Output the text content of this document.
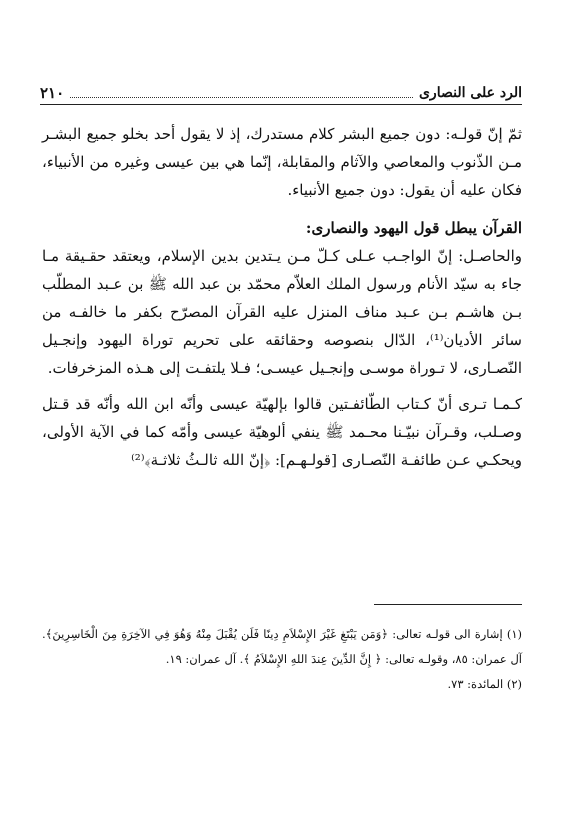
الرد على النصارى
٢١٠

ثمّ إنّ قولـه: دون جميع البشر كلام مستدرك، إذ لا يقول أحد بخلو جميع البشـر مـن الذّنوب والمعاصي والآثام والمقابلة، إنّما هي بين عيسى وغيره من الأنبياء، فكان عليه أن يقول: دون جميع الأنبياء.

القرآن يبطل قول اليهود والنصارى:

والحاصـل: إنّ الواجـب عـلى كـلّ مـن يـتدين بدين الإسلام، ويعتقد حقـيقة مـا جاء به سيّد الأنام ورسول الملك العلاّم محمّد بن عبد الله ﷺ بن عـبد المطلّب بـن هاشـم بـن عـبد مناف المنزل عليه القرآن المصرّح بكفر ما خالفـه من سائر الأديان⁽¹⁾، الدّال بنصوصه وحقائقه على تحريم توراة اليهود وإنجـيل النّصـارى، لا تـوراة موسـى وإنجـيل عيسـى؛ فـلا يلتفـت إلى هـذه المزخرفات.

كـمـا تـرى أنّ كـتاب الطّائفـتين قالوا بإلهيّة عيسى وأنّه ابن الله وأنّه قد قـتل وصـلب، وقـرآن نبيّـنا محـمد ﷺ ينفي ألوهيّة عيسى وأمّه كما في الآية الأولى، ويحكـي عـن طائفـة النّصـارى [قولـهـم]: ﴿إنّ الله ثالـثُ ثلاثـة﴾⁽²⁾

(١) إشارة الى قولـه تعالى: ﴿وَمَن يَبْتَغِ غَيْرَ الإِسْلاَمِ دِينًا فَلَن يُقْبَلَ مِنْهُ وَهُوَ فِي الآخِرَةِ مِنَ الْخَاسِرِينَ﴾. آل عمران: ٨٥، وقولـه تعالى: ﴿ إِنَّ الدِّينَ عِندَ اللهِ الإِسْلاَمُ ﴾. آل عمران: ١٩.

(٢) المائدة: ٧٣.
